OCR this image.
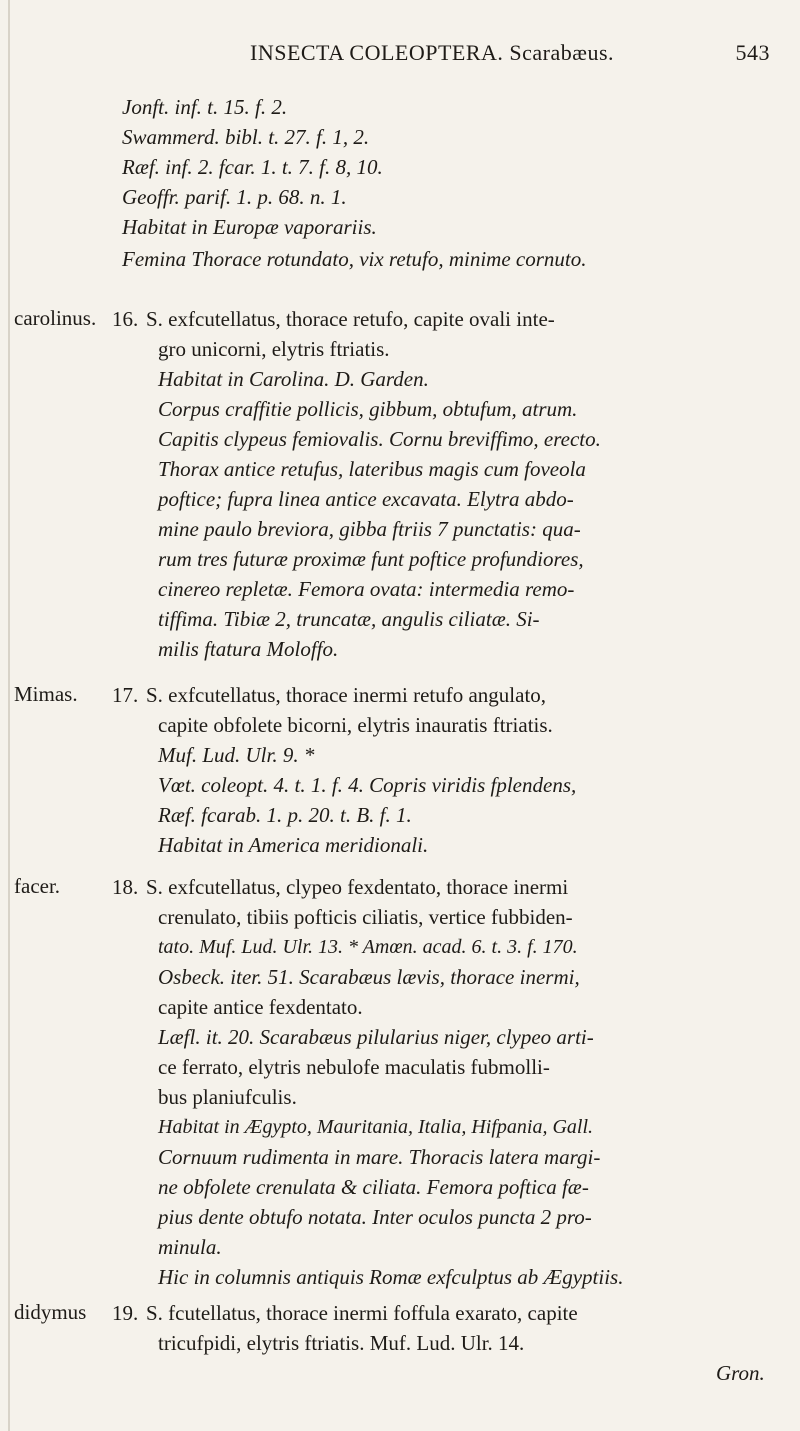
INSECTA COLEOPTERA. Scarabæus.	543
Jonft. inf. t. 15. f. 2.
Swammerd. bibl. t. 27. f. 1, 2.
Ræf. inf. 2. fcar. 1. t. 7. f. 8, 10.
Geoffr. parif. 1. p. 68. n. 1.
Habitat in Europæ vaporariis.
Femina Thorace rotundato, vix retufo, minime cornuto.
carolinus. 16. S. exfcutellatus, thorace retufo, capite ovali inte-
gro unicorni, elytris ftriatis.
Habitat in Carolina. D. Garden.
Corpus craffitie pollicis, gibbum, obtufum, atrum.
Capitis clypeus femiovalis. Cornu breviffimo, erecto.
Thorax antice retufus, lateribus magis cum foveola
poftice; fupra linea antice excavata. Elytra abdo-
mine paulo breviora, gibba ftriis 7 punctatis: qua-
rum tres futuræ proximæ funt poftice profundiores,
cinereo repletæ. Femora ovata: intermedia remo-
tiffima. Tibiæ 2, truncatæ, angulis ciliatæ. Si-
milis ftatura Moloffo.
Mimas. 17. S. exfcutellatus, thorace inermi retufo angulato,
capite obfolete bicorni, elytris inauratis ftriatis.
Muf. Lud. Ulr. 9. *
Vœt. coleopt. 4. t. 1. f. 4. Copris viridis fplendens,
Ræf. fcarab. 1. p. 20. t. B. f. 1.
Habitat in America meridionali.
facer. 18. S. exfcutellatus, clypeo fexdentato, thorace inermi
crenulato, tibiis pofticis ciliatis, vertice fubbiden-
tato. Muf. Lud. Ulr. 13. * Amœn. acad. 6. t. 3. f. 170.
Osbeck. iter. 51. Scarabæus lævis, thorace inermi,
capite antice fexdentato.
Læfl. it. 20. Scarabæus pilularius niger, clypeo arti-
ce ferrato, elytris nebulofe maculatis fubmolli-
bus planiufculis.
Habitat in Ægypto, Mauritania, Italia, Hifpania, Gall.
Cornuum rudimenta in mare. Thoracis latera margi-
ne obfolete crenulata & ciliata. Femora poftica fæ-
pius dente obtufo notata. Inter oculos puncta 2 pro-
minula.
Hic in columnis antiquis Romæ exfculptus ab Ægyptiis.
didymus 19. S. fcutellatus, thorace inermi foffula exarato, capite
tricufpidi, elytris ftriatis. Muf. Lud. Ulr. 14.
Gron.
